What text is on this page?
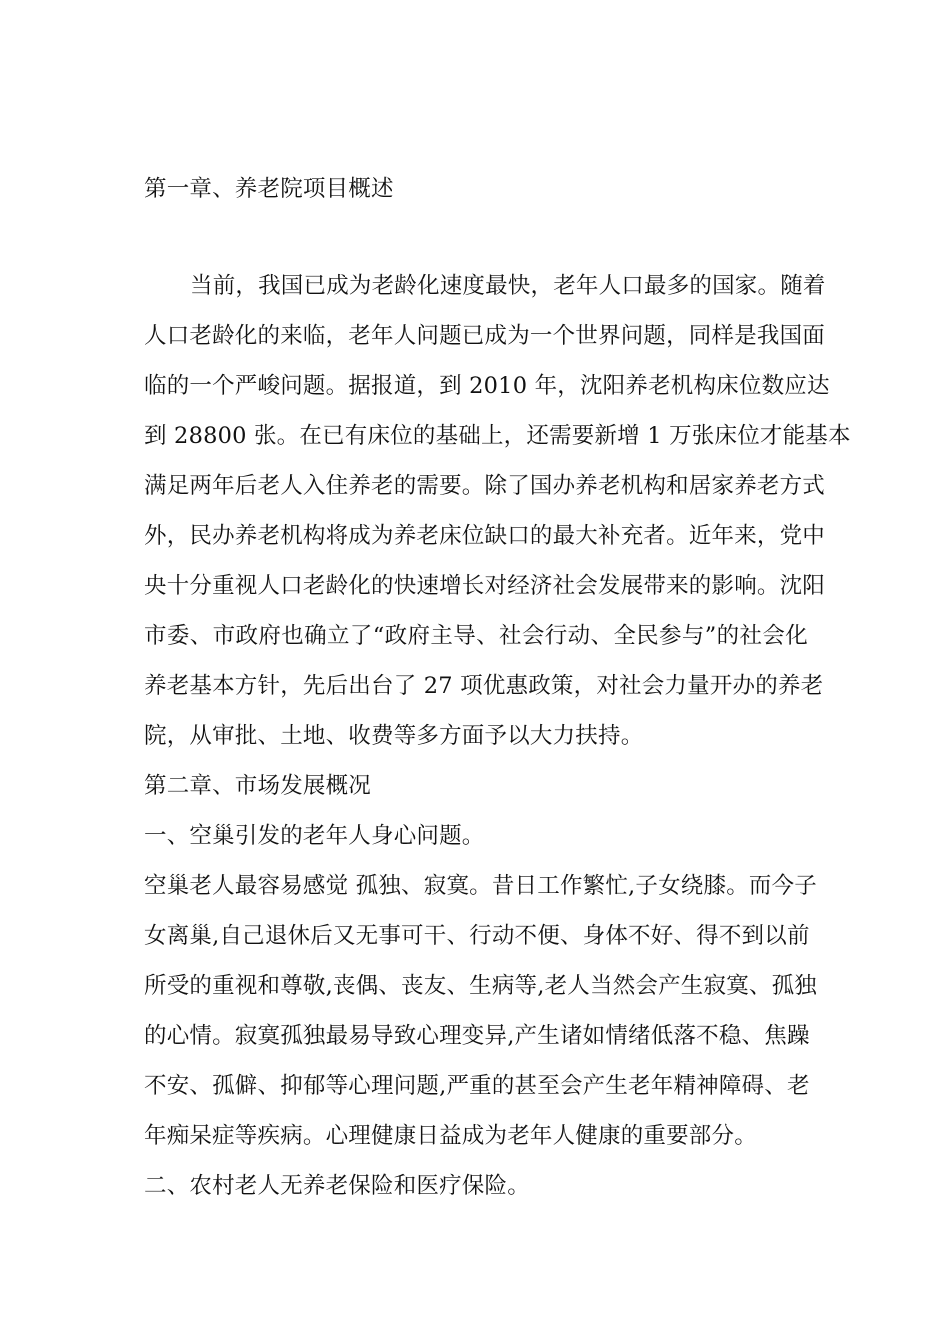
第一章、养老院项目概述
当前，我国已成为老龄化速度最快，老年人口最多的国家。随着
人口老龄化的来临，老年人问题已成为一个世界问题，同样是我国面
临的一个严峻问题。据报道，到 2010 年，沈阳养老机构床位数应达
到 28800 张。在已有床位的基础上，还需要新增 1 万张床位才能基本
满足两年后老人入住养老的需要。除了国办养老机构和居家养老方式
外，民办养老机构将成为养老床位缺口的最大补充者。近年来，党中
央十分重视人口老龄化的快速增长对经济社会发展带来的影响。沈阳
市委、市政府也确立了“政府主导、社会行动、全民参与”的社会化
养老基本方针，先后出台了 27 项优惠政策，对社会力量开办的养老
院，从审批、土地、收费等多方面予以大力扶持。
第二章、市场发展概况
一、空巢引发的老年人身心问题。
空巢老人最容易感觉 孤独、寂寞。昔日工作繁忙,子女绕膝。而今子
女离巢,自己退休后又无事可干、行动不便、身体不好、得不到以前
所受的重视和尊敬,丧偶、丧友、生病等,老人当然会产生寂寞、孤独
的心情。寂寞孤独最易导致心理变异,产生诸如情绪低落不稳、焦躁
不安、孤僻、抑郁等心理问题,严重的甚至会产生老年精神障碍、老
年痴呆症等疾病。心理健康日益成为老年人健康的重要部分。
二、农村老人无养老保险和医疗保险。
